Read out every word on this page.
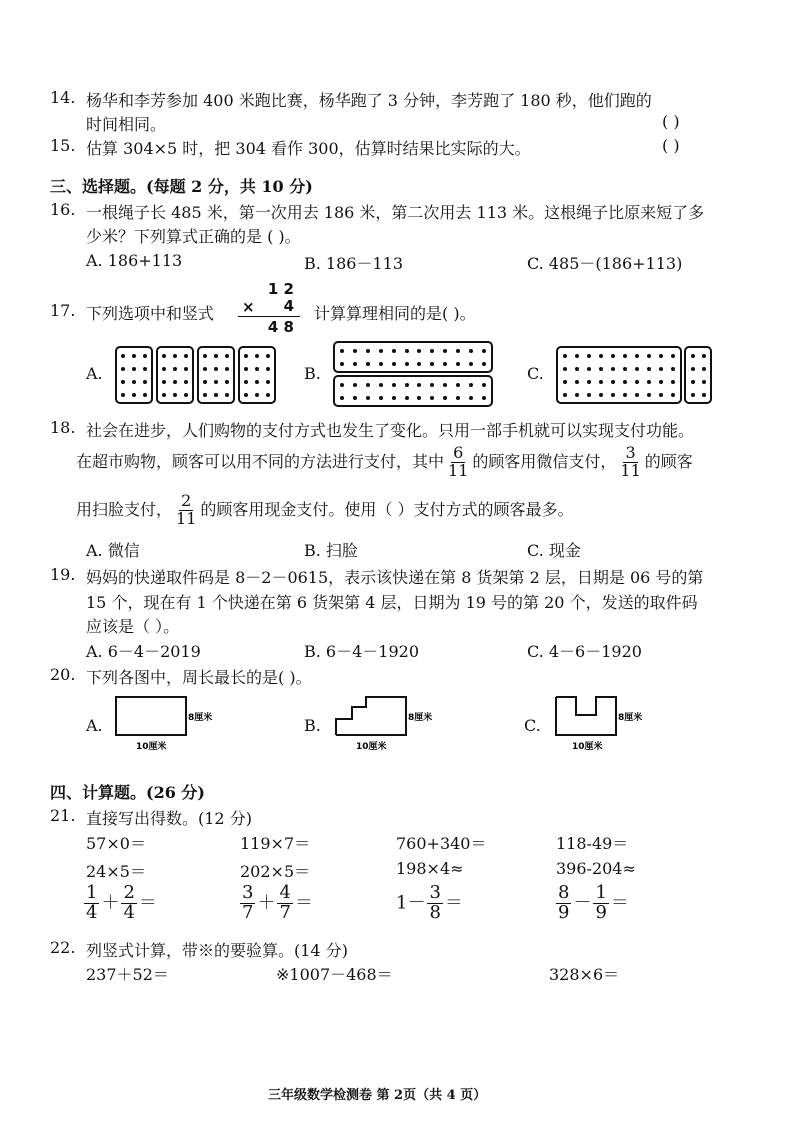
14. 杨华和李芳参加 400 米跑比赛，杨华跑了 3 分钟，李芳跑了 180 秒，他们跑的
时间相同。	( )
15. 估算 304×5 时，把 304 看作 300，估算时结果比实际的大。	( )
三、选择题。(每题 2 分，共 10 分)
16. 一根绳子长 485 米，第一次用去 186 米，第二次用去 113 米。这根绳子比原来短了多
少米？下列算式正确的是 ( )。
A. 186+113	B. 186－113	C. 485－(186+113)
17. 下列选项中和竖式
1 2
× 4
4 8
计算算理相同的是( )。
A.	B.	C.
18. 社会在进步，人们购物的支付方式也发生了变化。只用一部手机就可以实现支付功能。
在超市购物，顾客可以用不同的方法进行支付，其中 $\frac{6}{11}$ 的顾客用微信支付， $\frac{3}{11}$ 的顾客
用扫脸支付， $\frac{2}{11}$ 的顾客用现金支付。使用（ ）支付方式的顾客最多。
A. 微信	B. 扫脸	C. 现金
19. 妈妈的快递取件码是 8－2－0615，表示该快递在第 8 货架第 2 层，日期是 06 号的第
15 个，现在有 1 个快递在第 6 货架第 4 层，日期为 19 号的第 20 个，发送的取件码
应该是（ ）。
A. 6－4－2019	B. 6－4－1920	C. 4－6－1920
20. 下列各图中，周长最长的是( )。
A.	B.	C.
8厘米
10厘米
8厘米
10厘米
8厘米
10厘米
四、计算题。(26 分)
21. 直接写出得数。(12 分)
57×0＝	119×7＝	760+340＝	118-49＝
24×5＝	202×5＝	198×4≈	396-204≈
$\frac{1}{4} + \frac{2}{4}$ ＝	$\frac{3}{7} + \frac{4}{7}$ ＝	$1- \frac{3}{8}$ ＝	$\frac{8}{9} - \frac{1}{9}$ ＝
22. 列竖式计算，带※的要验算。(14 分)
237＋52＝	※1007－468＝	328×6＝
三年级数学检测卷 第 2页（共 4 页）
